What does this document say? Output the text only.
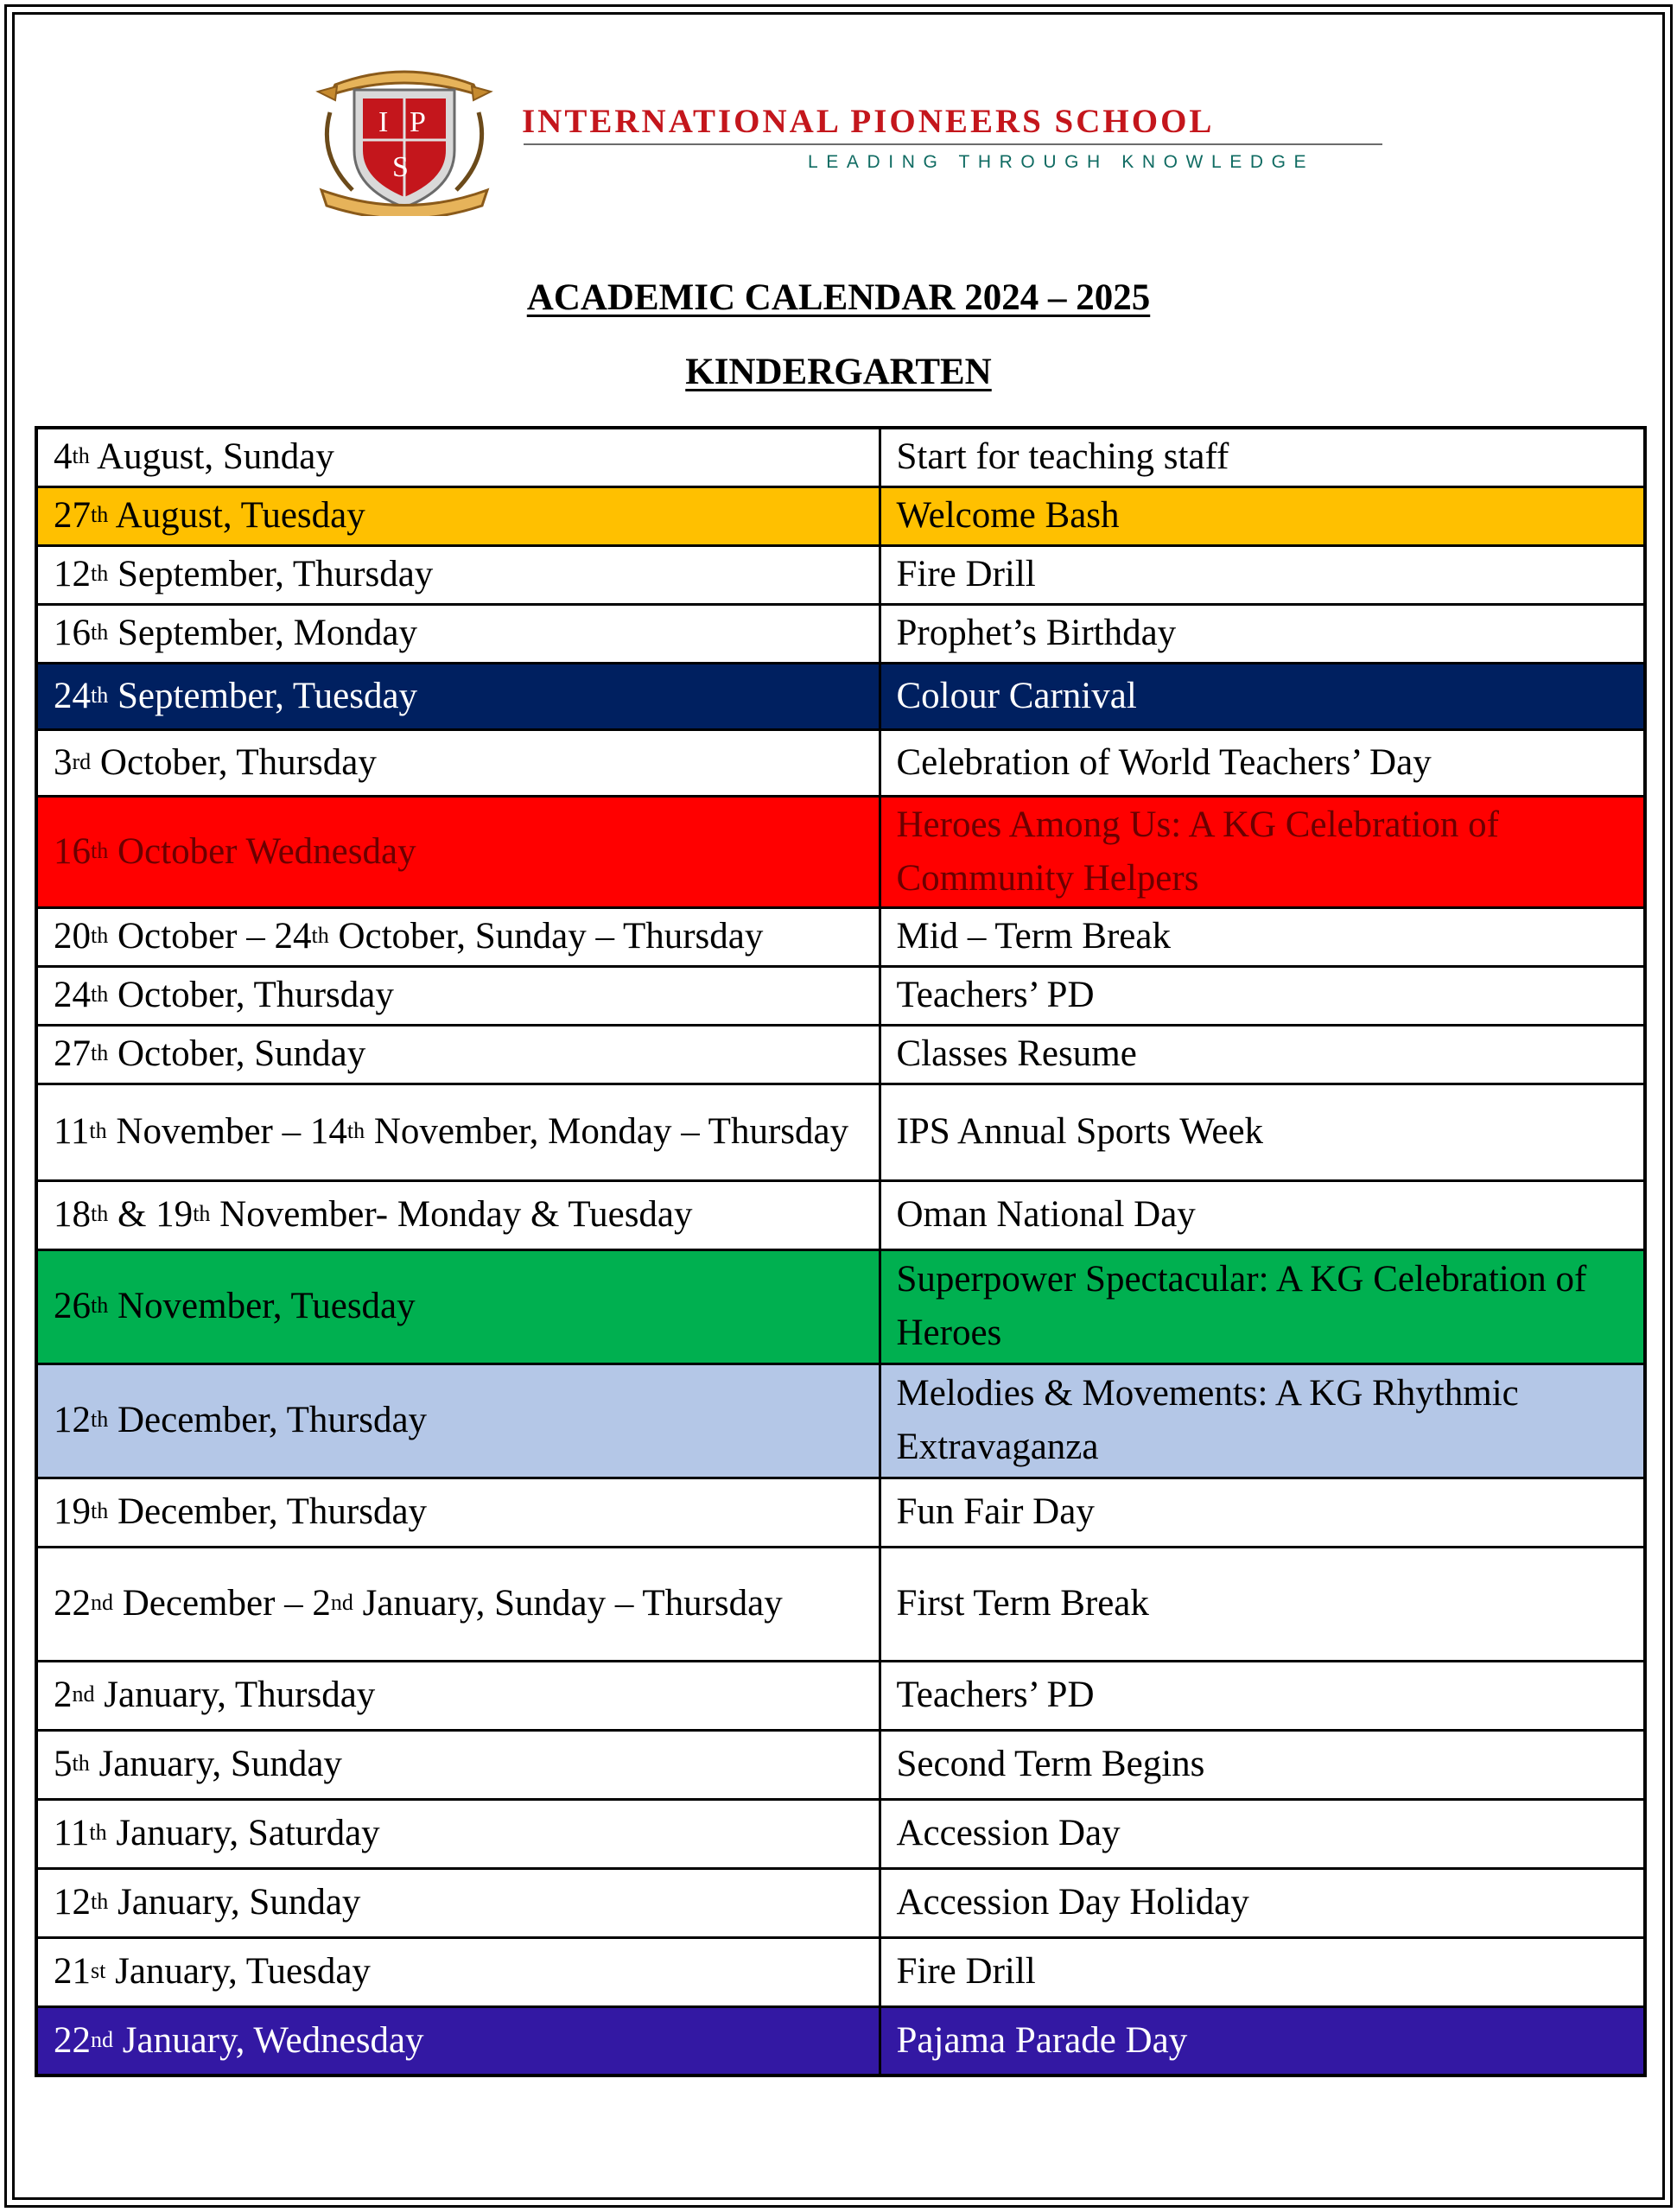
I P
S
INTERNATIONAL PIONEERS SCHOOL
LEADING THROUGH KNOWLEDGE
ACADEMIC CALENDAR 2024 – 2025
KINDERGARTEN
4th August, Sunday	Start for teaching staff
27th August, Tuesday	Welcome Bash
12th September, Thursday	Fire Drill
16th September, Monday	Prophet’s Birthday
24th September, Tuesday	Colour Carnival
3rd October, Thursday	Celebration of World Teachers’ Day
16th October Wednesday	Heroes Among Us: A KG Celebration of Community Helpers
20th October – 24th October, Sunday – Thursday	Mid – Term Break
24th October, Thursday	Teachers’ PD
27th October, Sunday	Classes Resume
11th November – 14th November, Monday – Thursday	IPS Annual Sports Week
18th & 19th November- Monday & Tuesday	Oman National Day
26th November, Tuesday	Superpower Spectacular: A KG Celebration of Heroes
12th December, Thursday	Melodies & Movements: A KG Rhythmic Extravaganza
19th December, Thursday	Fun Fair Day
22nd December – 2nd January, Sunday – Thursday	First Term Break
2nd January, Thursday	Teachers’ PD
5th January, Sunday	Second Term Begins
11th January, Saturday	Accession Day
12th January, Sunday	Accession Day Holiday
21st January, Tuesday	Fire Drill
22nd January, Wednesday	Pajama Parade Day
